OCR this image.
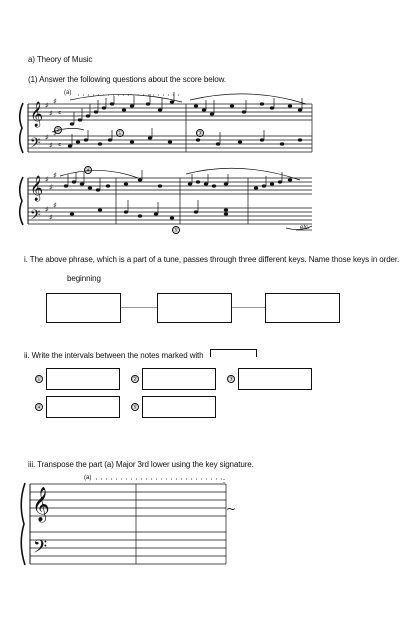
a) Theory of Music
(1) Answer the following questions about the score below.
𝄞
𝄢
♯
♯
♯
♯
♯
♯
𝄴
𝄴
𝄞
𝄢
♯
♯
♯
♯
♯
♯
𝄞
𝄢
~
(a)
①
②	③
④
⑤	etc.
i. The above phrase, which is a part of a tune, passes through three different keys. Name those keys in order.
beginning
ii. Write the intervals between the notes marked with
①	②	③
④	⑤
iii. Transpose the part (a) Major 3rd lower using the key signature.
(a)
